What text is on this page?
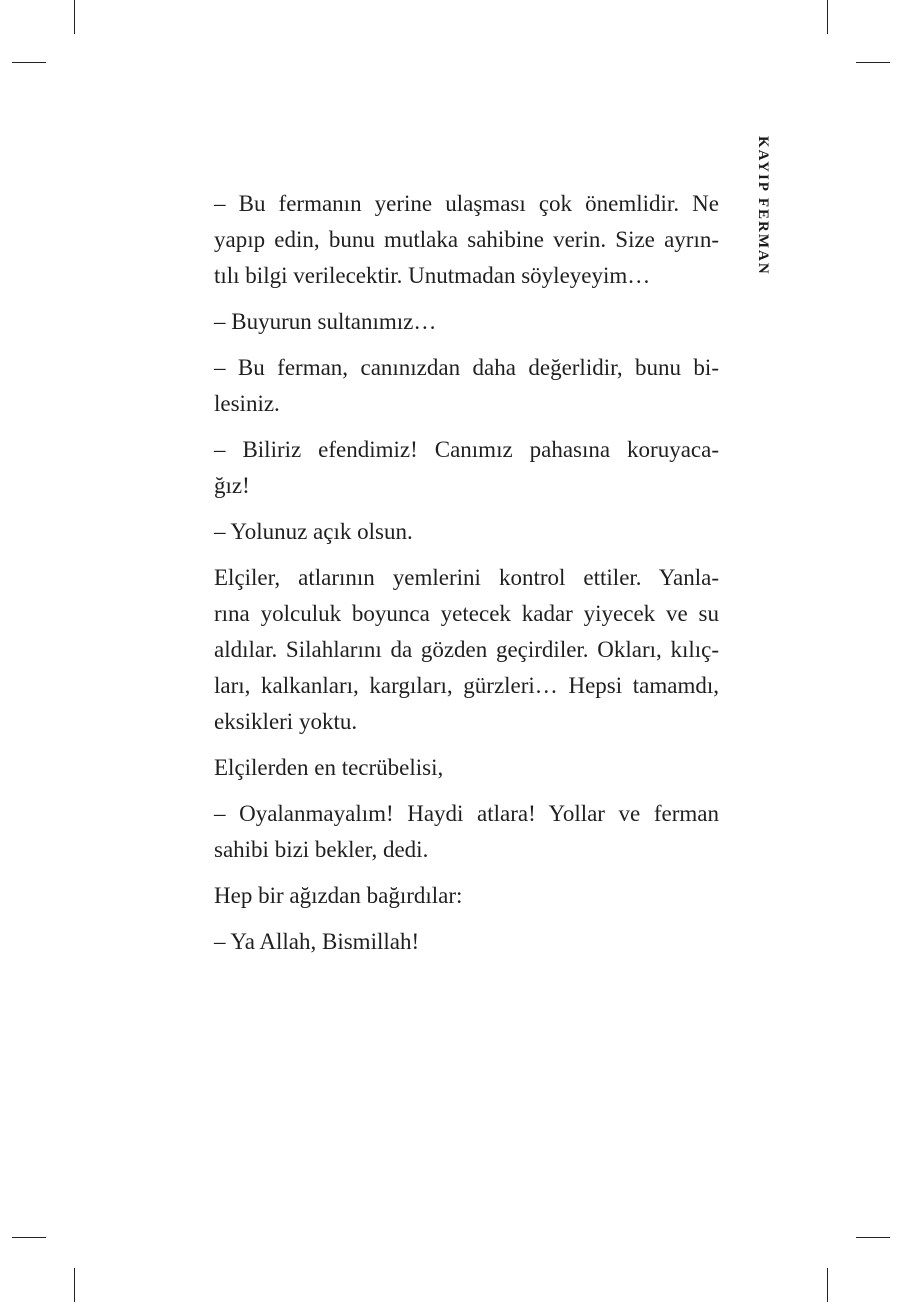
KAYIP FERMAN

– Bu fermanın yerine ulaşması çok önemlidir. Ne
yapıp edin, bunu mutlaka sahibine verin. Size ayrın-
tılı bilgi verilecektir. Unutmadan söyleyeyim…

– Buyurun sultanımız…

– Bu ferman, canınızdan daha değerlidir, bunu bi-
lesiniz.

– Biliriz efendimiz! Canımız pahasına koruyaca-
ğız!

– Yolunuz açık olsun.

Elçiler, atlarının yemlerini kontrol ettiler. Yanla-
rına yolculuk boyunca yetecek kadar yiyecek ve su
aldılar. Silahlarını da gözden geçirdiler. Okları, kılıç-
ları, kalkanları, kargıları, gürzleri… Hepsi tamamdı,
eksikleri yoktu.

Elçilerden en tecrübelisi,

– Oyalanmayalım! Haydi atlara! Yollar ve ferman
sahibi bizi bekler, dedi.

Hep bir ağızdan bağırdılar:

– Ya Allah, Bismillah!
